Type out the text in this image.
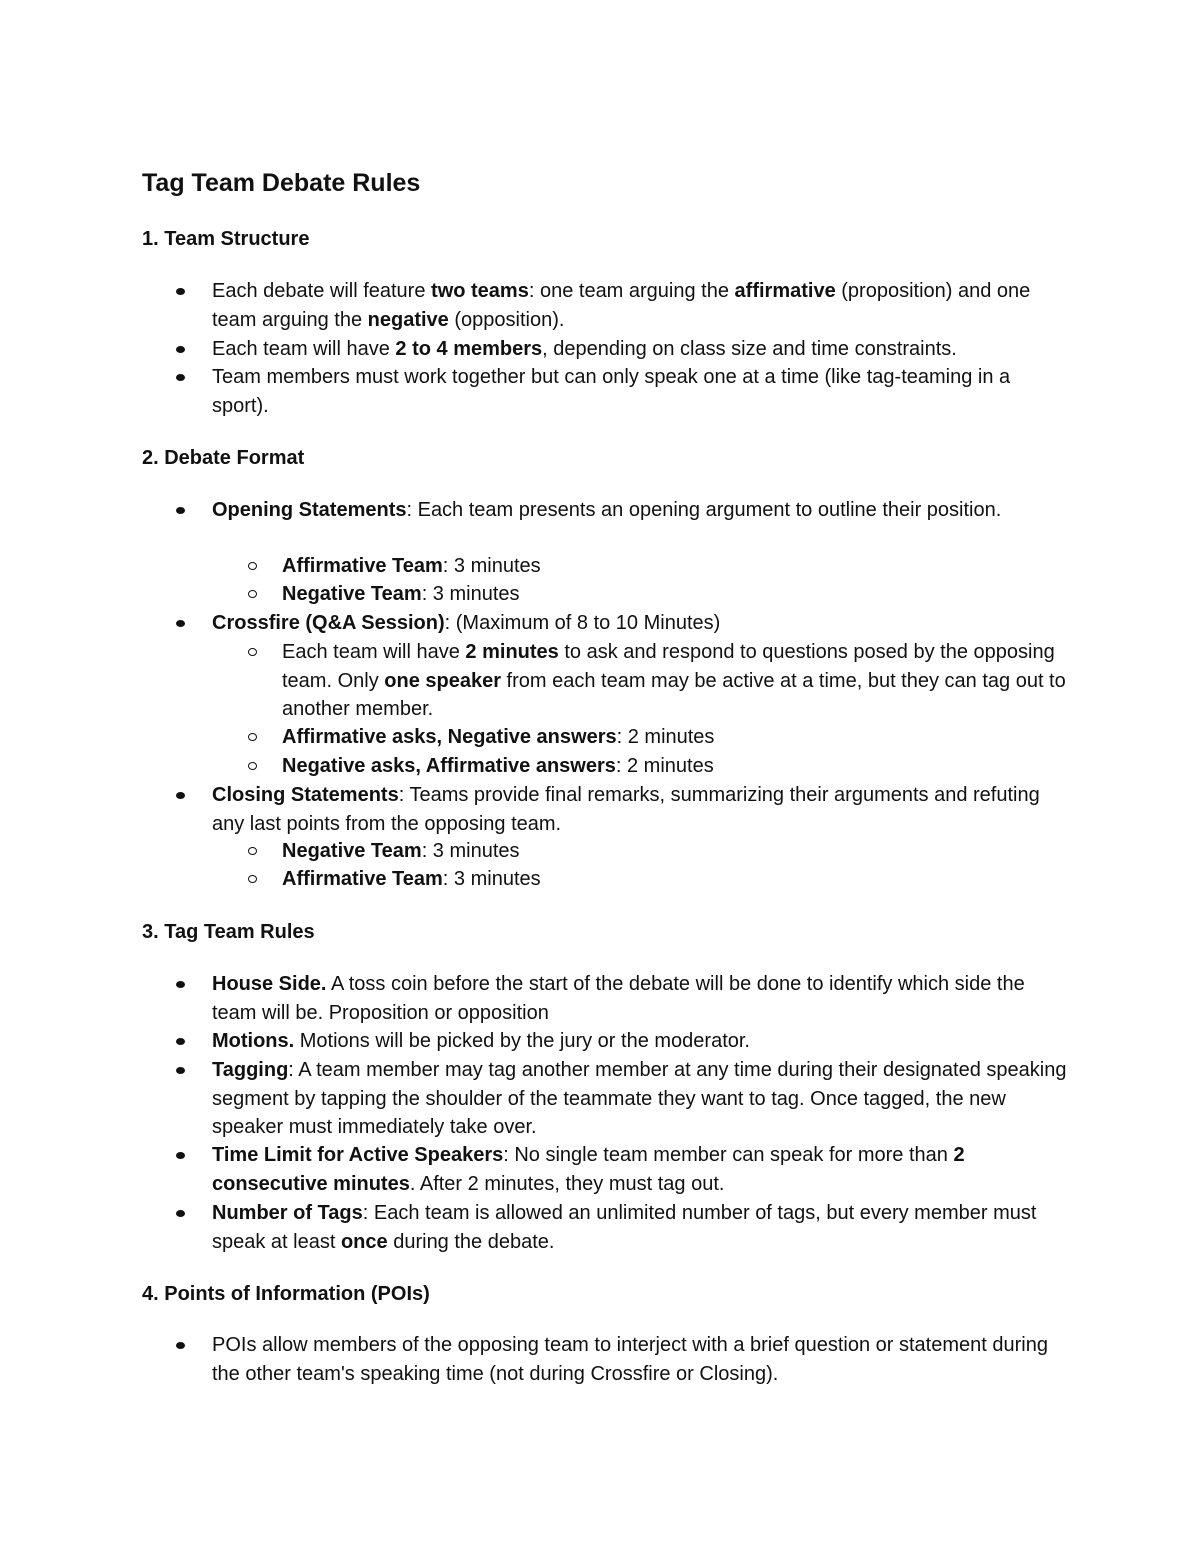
Tag Team Debate Rules
1. Team Structure
Each debate will feature two teams: one team arguing the affirmative (proposition) and one team arguing the negative (opposition).
Each team will have 2 to 4 members, depending on class size and time constraints.
Team members must work together but can only speak one at a time (like tag-teaming in a sport).
2. Debate Format
Opening Statements: Each team presents an opening argument to outline their position.
Affirmative Team: 3 minutes
Negative Team: 3 minutes
Crossfire (Q&A Session): (Maximum of 8 to 10 Minutes)
Each team will have 2 minutes to ask and respond to questions posed by the opposing team. Only one speaker from each team may be active at a time, but they can tag out to another member.
Affirmative asks, Negative answers: 2 minutes
Negative asks, Affirmative answers: 2 minutes
Closing Statements: Teams provide final remarks, summarizing their arguments and refuting any last points from the opposing team.
Negative Team: 3 minutes
Affirmative Team: 3 minutes
3. Tag Team Rules
House Side. A toss coin before the start of the debate will be done to identify which side the team will be. Proposition or opposition
Motions. Motions will be picked by the jury or the moderator.
Tagging: A team member may tag another member at any time during their designated speaking segment by tapping the shoulder of the teammate they want to tag. Once tagged, the new speaker must immediately take over.
Time Limit for Active Speakers: No single team member can speak for more than 2 consecutive minutes. After 2 minutes, they must tag out.
Number of Tags: Each team is allowed an unlimited number of tags, but every member must speak at least once during the debate.
4. Points of Information (POIs)
POIs allow members of the opposing team to interject with a brief question or statement during the other team's speaking time (not during Crossfire or Closing).
